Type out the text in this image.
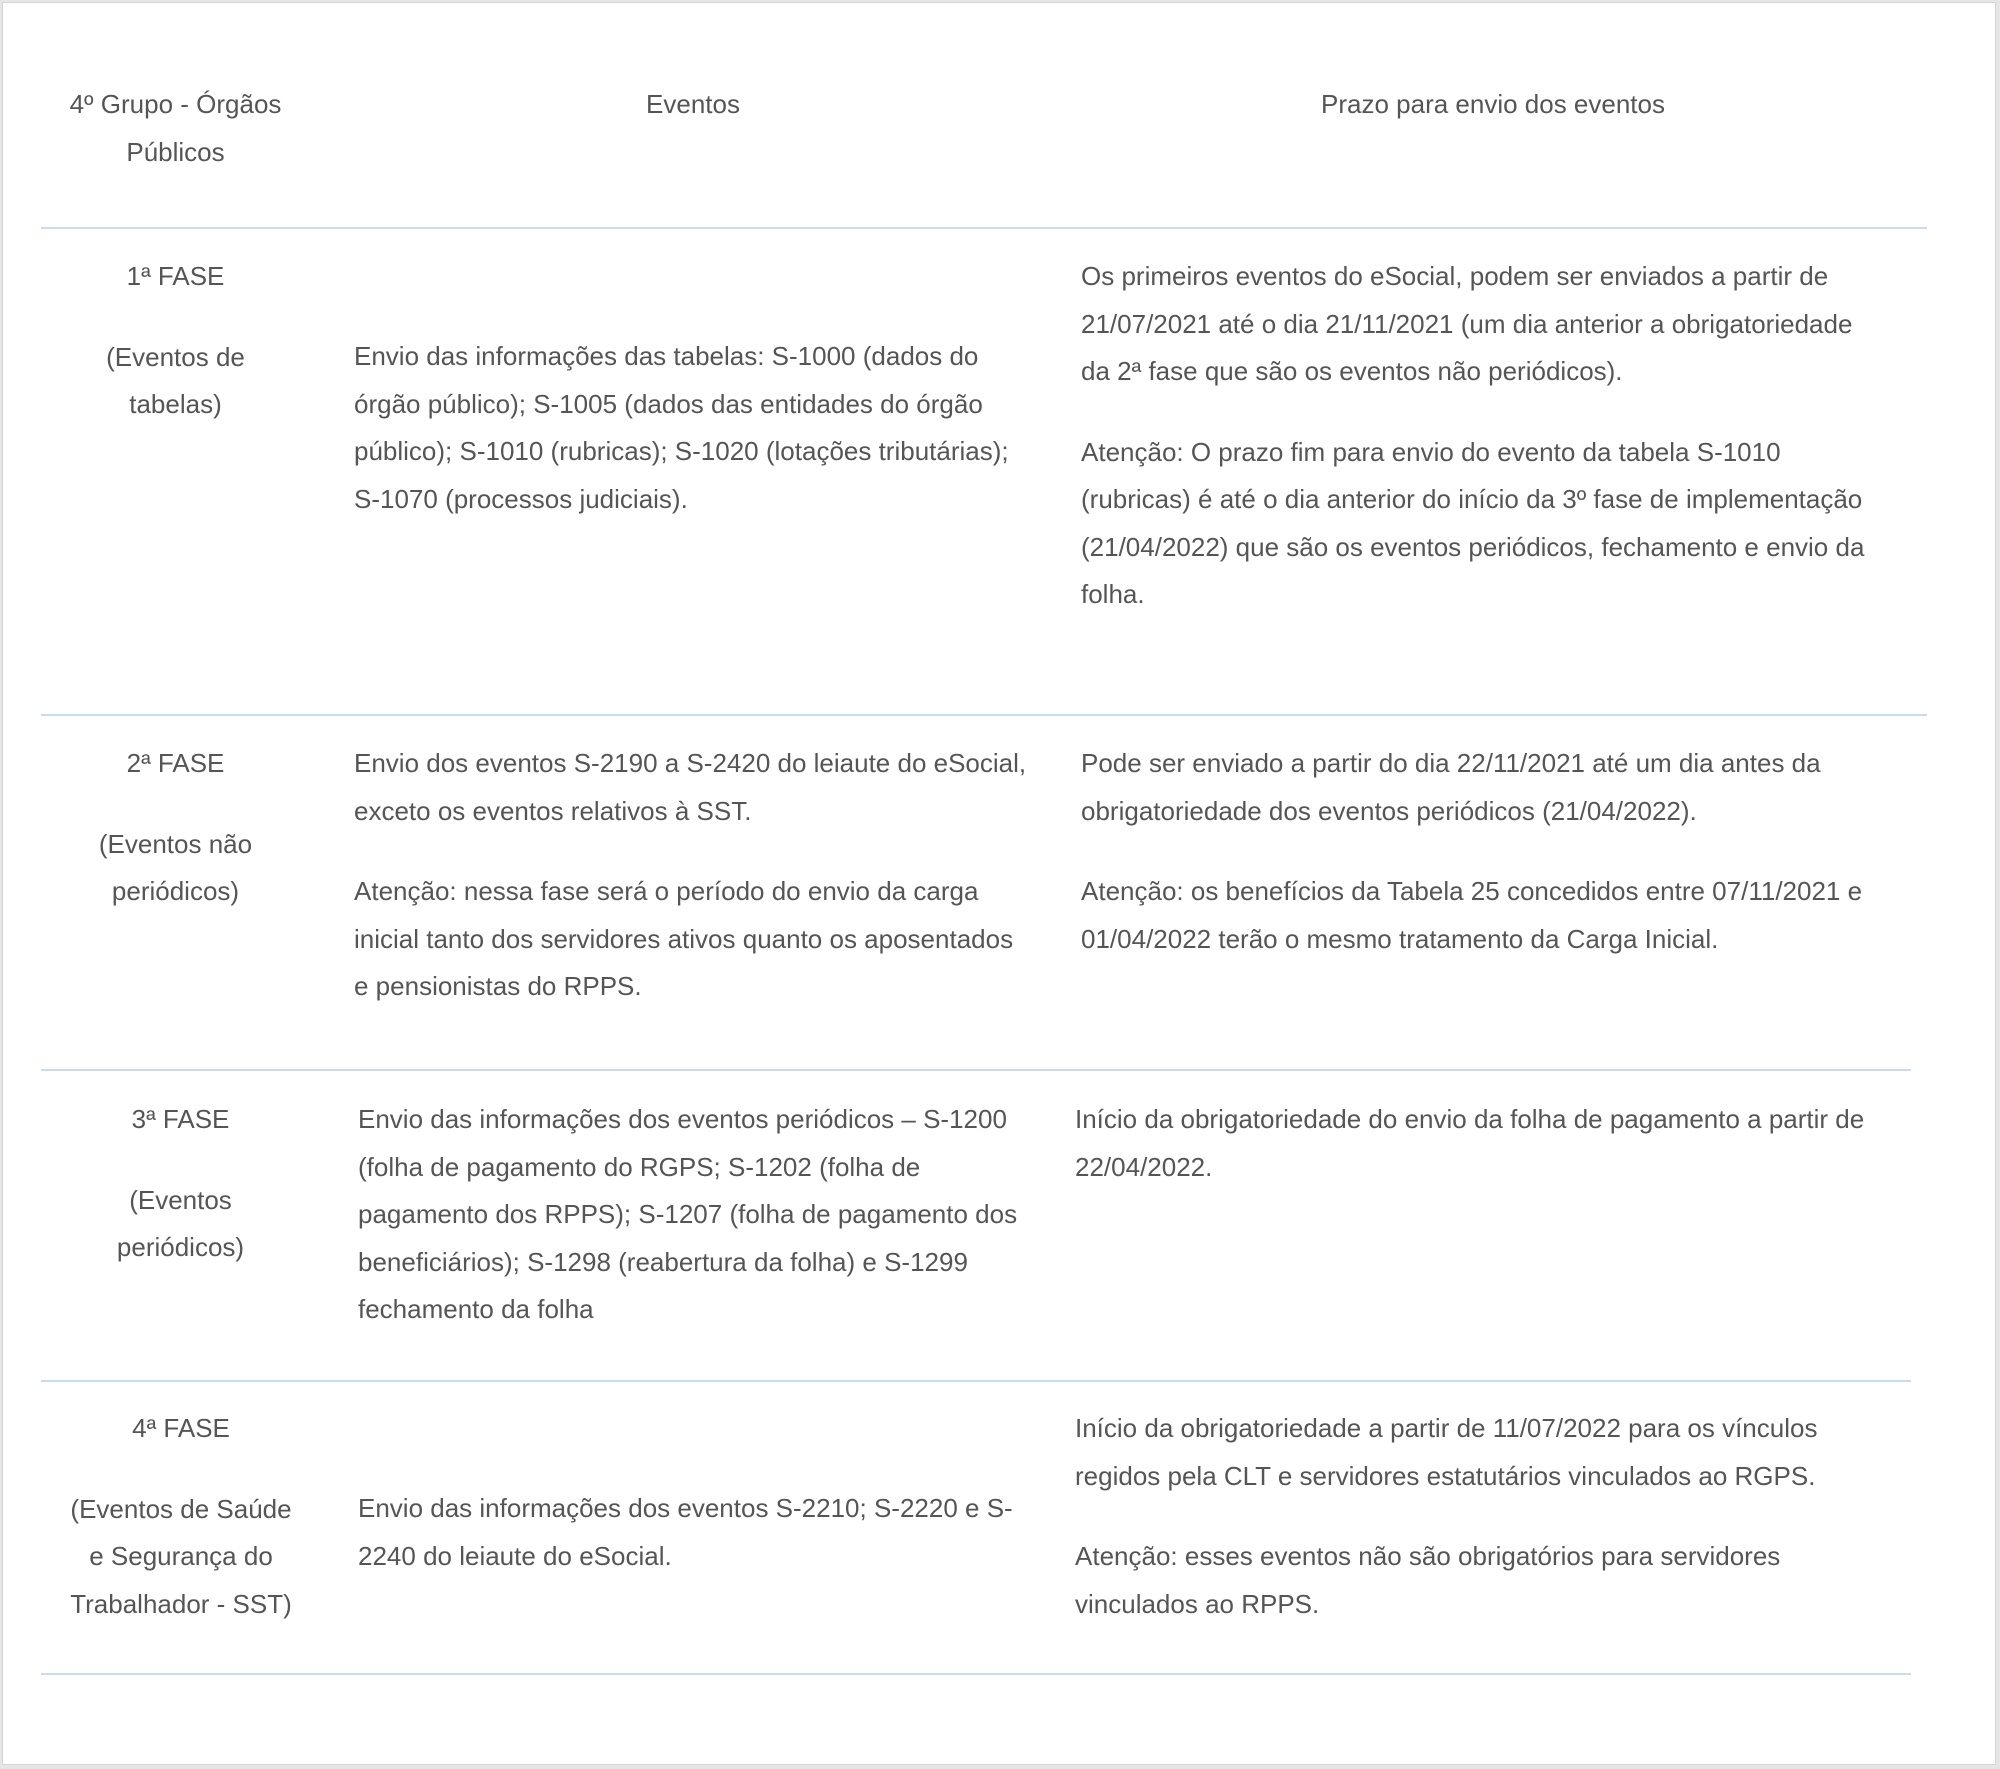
4º Grupo - Órgãos Públicos
Eventos	Prazo para envio dos eventos
1ª FASE
(Eventos de tabelas)

Envio das informações das tabelas: S-1000 (dados do órgão público); S-1005 (dados das entidades do órgão público); S-1010 (rubricas); S-1020 (lotações tributárias); S-1070 (processos judiciais).

Os primeiros eventos do eSocial, podem ser enviados a partir de 21/07/2021 até o dia 21/11/2021 (um dia anterior a obrigatoriedade da 2ª fase que são os eventos não periódicos).

Atenção: O prazo fim para envio do evento da tabela S-1010 (rubricas) é até o dia anterior do início da 3º fase de implementação (21/04/2022) que são os eventos periódicos, fechamento e envio da folha.

2ª FASE
(Eventos não periódicos)

Envio dos eventos S-2190 a S-2420 do leiaute do eSocial, exceto os eventos relativos à SST.

Atenção: nessa fase será o período do envio da carga inicial tanto dos servidores ativos quanto os aposentados e pensionistas do RPPS.

Pode ser enviado a partir do dia 22/11/2021 até um dia antes da obrigatoriedade dos eventos periódicos (21/04/2022).

Atenção: os benefícios da Tabela 25 concedidos entre 07/11/2021 e 01/04/2022 terão o mesmo tratamento da Carga Inicial.

3ª FASE
(Eventos periódicos)

Envio das informações dos eventos periódicos – S-1200 (folha de pagamento do RGPS; S-1202 (folha de pagamento dos RPPS); S-1207 (folha de pagamento dos beneficiários); S-1298 (reabertura da folha) e S-1299 fechamento da folha

Início da obrigatoriedade do envio da folha de pagamento a partir de 22/04/2022.

4ª FASE
(Eventos de Saúde e Segurança do Trabalhador - SST)

Envio das informações dos eventos S-2210; S-2220 e S-2240 do leiaute do eSocial.

Início da obrigatoriedade a partir de 11/07/2022 para os vínculos regidos pela CLT e servidores estatutários vinculados ao RGPS.

Atenção: esses eventos não são obrigatórios para servidores vinculados ao RPPS.
